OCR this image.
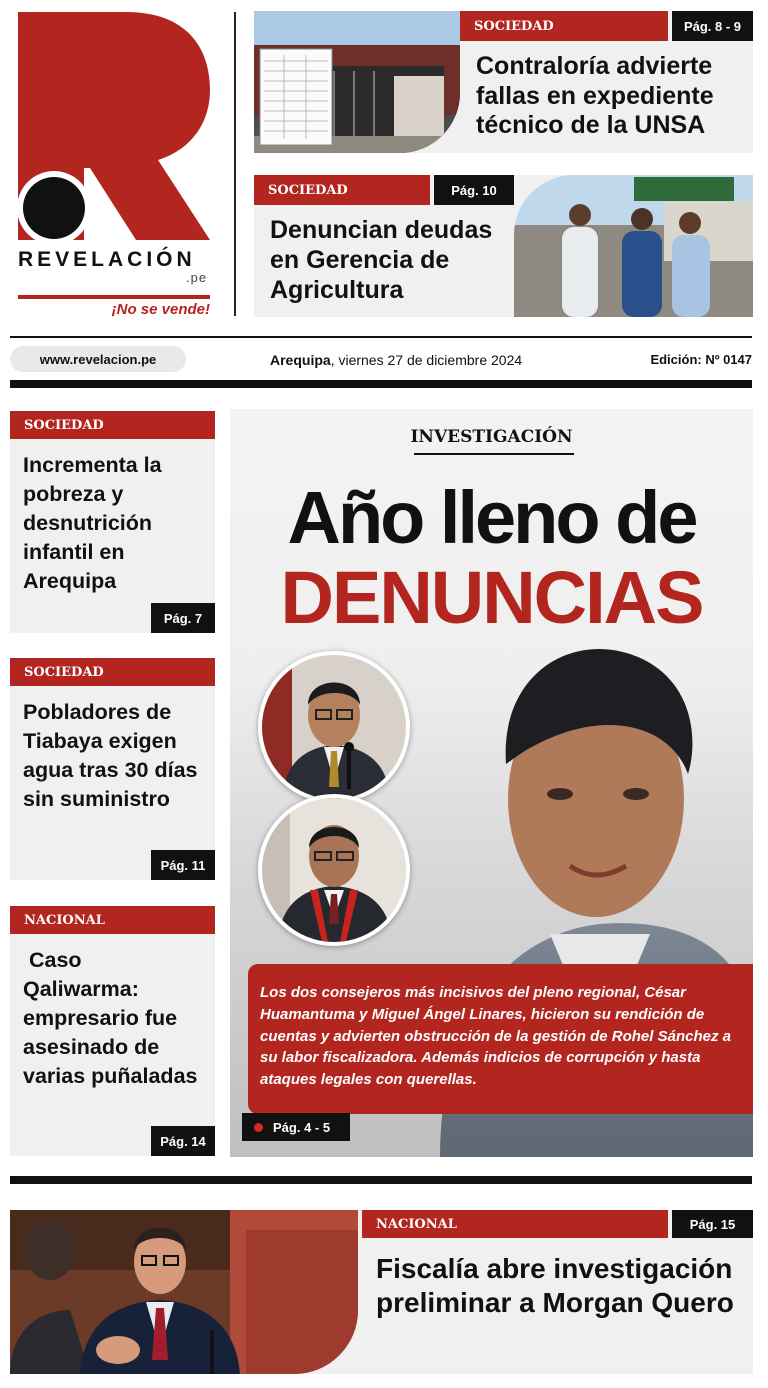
REVELACIÓN
.pe
¡No se vende!
SOCIEDAD	Pág. 8 - 9
Contraloría advierte fallas en expediente técnico de la UNSA
SOCIEDAD	Pág. 10
Denuncian deudas en Gerencia de Agricultura
www.revelacion.pe	Arequipa, viernes 27 de diciembre 2024	Edición: Nº 0147
SOCIEDAD
Incrementa la pobreza y desnutrición infantil en Arequipa
Pág. 7
SOCIEDAD
Pobladores de Tiabaya exigen agua tras 30 días sin suministro
Pág. 11
NACIONAL
Caso Qaliwarma: empresario fue asesinado de varias puñaladas
Pág. 14
INVESTIGACIÓN
Año lleno de
DENUNCIAS
Los dos consejeros más incisivos del pleno regional, César Huamantuma y Miguel Ángel Linares, hicieron su rendición de cuentas y advierten obstrucción de la gestión de Rohel Sánchez a su labor fiscalizadora. Además indicios de corrupción y hasta ataques legales con querellas.
Pág. 4 - 5
NACIONAL	Pág. 15
Fiscalía abre investigación preliminar a Morgan Quero
